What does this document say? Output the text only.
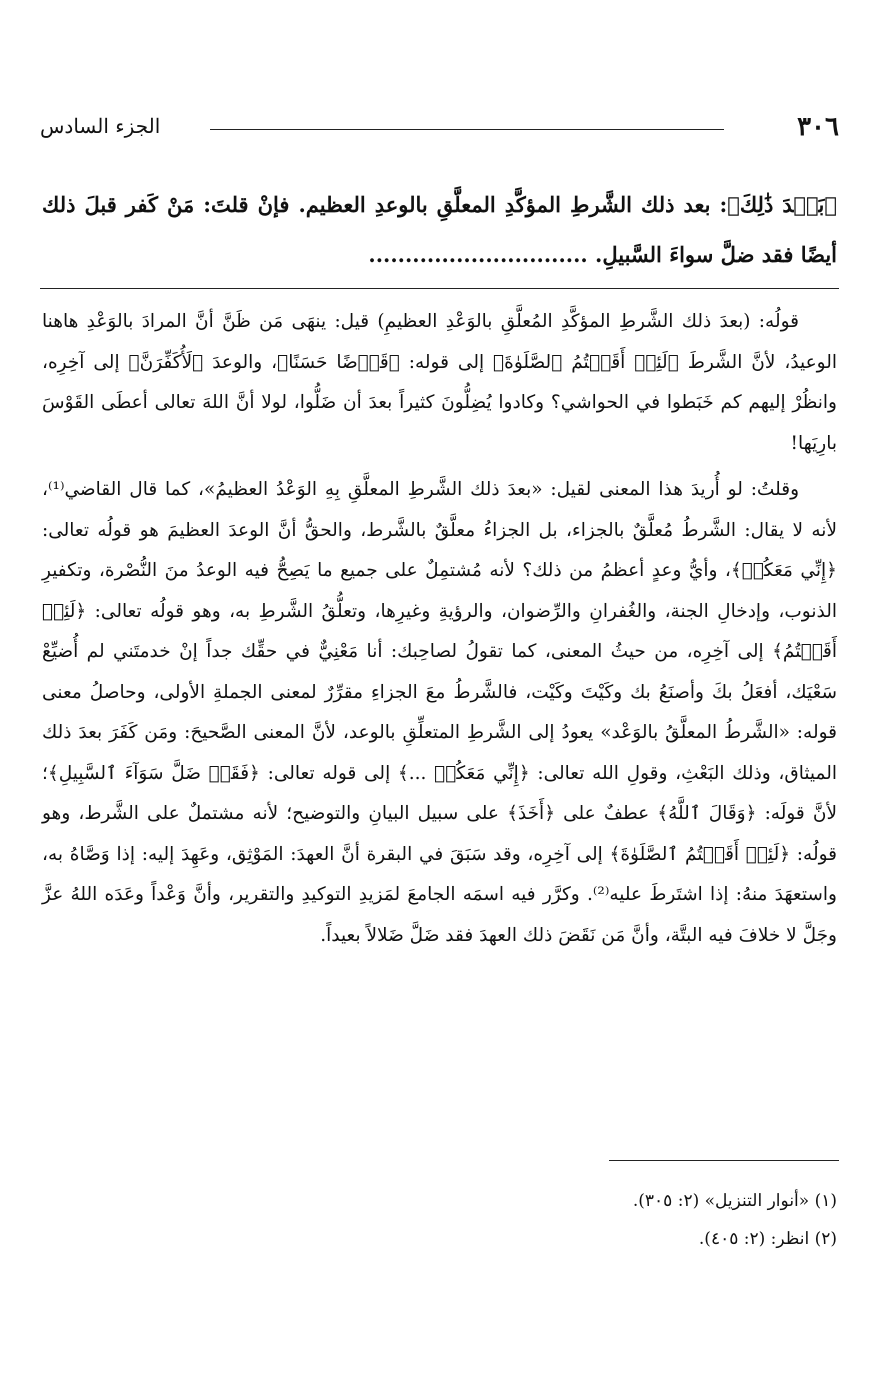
٣٠٦
الجزء السادس
﴿بَعۡدَ ذَٰلِكَ﴾: بعد ذلك الشَّرطِ المؤكَّدِ المعلَّقِ بالوعدِ العظيم. فإنْ قلتَ: مَنْ كَفر قبلَ ذلك أيضًا فقد ضلَّ سواءَ السَّبيلِ. ..............................

قولُه: (بعدَ ذلك الشَّرطِ المؤكَّدِ المُعلَّقِ بالوَعْدِ العظيمِ) قيل: ينهَى مَن ظَنَّ أنَّ المرادَ بالوَعْدِ هاهنا الوعيدُ، لأنَّ الشَّرطَ ﴿لَئِنۡ أَقَمۡتُمُ ٱلصَّلَوٰةَ﴾ إلى قوله: ﴿قَرۡضًا حَسَنًا﴾، والوعدَ ﴿لَأُكَفِّرَنَّ﴾ إلى آخِرِه، وانظُرْ إليهم كم خَبَطوا في الحواشي؟ وكادوا يُضِلُّونَ كثيراً بعدَ أن ضَلُّوا، لولا أنَّ اللهَ تعالى أعطَى القَوْسَ بارِيَها!

وقلتُ: لو أُريدَ هذا المعنى لقيل: «بعدَ ذلك الشَّرطِ المعلَّقِ بِهِ الوَعْدُ العظيمُ»، كما قال القاضي⁽¹⁾، لأنه لا يقال: الشَّرطُ مُعلَّقٌ بالجزاء، بل الجزاءُ معلَّقٌ بالشَّرط، والحقُّ أنَّ الوعدَ العظيمَ هو قولُه تعالى: ﴿إِنِّي مَعَكُمۡ﴾، وأيُّ وعدٍ أعظمُ من ذلك؟ لأنه مُشتمِلٌ على جميع ما يَصِحُّ فيه الوعدُ منَ النُّصْرة، وتكفيرِ الذنوب، وإدخالِ الجنة، والغُفرانِ والرِّضوان، والرؤيةِ وغيرِها، وتعلُّقُ الشَّرطِ به، وهو قولُه تعالى: ﴿لَئِنۡ أَقَمۡتُمُ﴾ إلى آخِرِه، من حيثُ المعنى، كما تقولُ لصاحِبك: أنا مَعْنِيٌّ في حقِّك جداً إنْ خدمتَني لم أُضيِّعْ سَعْيَك، أفعَلُ بكَ وأصنَعُ بك وكَيْتَ وكَيْت، فالشَّرطُ معَ الجزاءِ مقرِّرٌ لمعنى الجملةِ الأولى، وحاصلُ معنى قوله: «الشَّرطُ المعلَّقُ بالوَعْد» يعودُ إلى الشَّرطِ المتعلِّقِ بالوعد، لأنَّ المعنى الصَّحيحَ: ومَن كَفَرَ بعدَ ذلك الميثاق، وذلك البَعْثِ، وقولِ الله تعالى: ﴿إِنِّي مَعَكُمۡ ...﴾ إلى قوله تعالى: ﴿فَقَدۡ ضَلَّ سَوَآءَ ٱلسَّبِيلِ﴾؛ لأنَّ قولَه: ﴿وَقَالَ ٱللَّهُ﴾ عطفٌ على ﴿أَخَذَ﴾ على سبيل البيانِ والتوضيح؛ لأنه مشتملٌ على الشَّرط، وهو قولُه: ﴿لَئِنۡ أَقَمۡتُمُ ٱلصَّلَوٰةَ﴾ إلى آخِرِه، وقد سَبَقَ في البقرة أنَّ العهدَ: المَوْثِق، وعَهِدَ إليه: إذا وَصَّاهُ به، واستعهَدَ منهُ: إذا اشتَرطَ عليه⁽²⁾. وكرَّر فيه اسمَه الجامعَ لمَزيدِ التوكيدِ والتقرير، وأنَّ وَعْداً وعَدَه اللهُ عزَّ وجَلَّ لا خلافَ فيه البتَّة، وأنَّ مَن نَقَضَ ذلك العهدَ فقد ضَلَّ ضَلالاً بعيداً.

(١) «أنوار التنزيل» (٢: ٣٠٥).
(٢) انظر: (٢: ٤٠٥).
